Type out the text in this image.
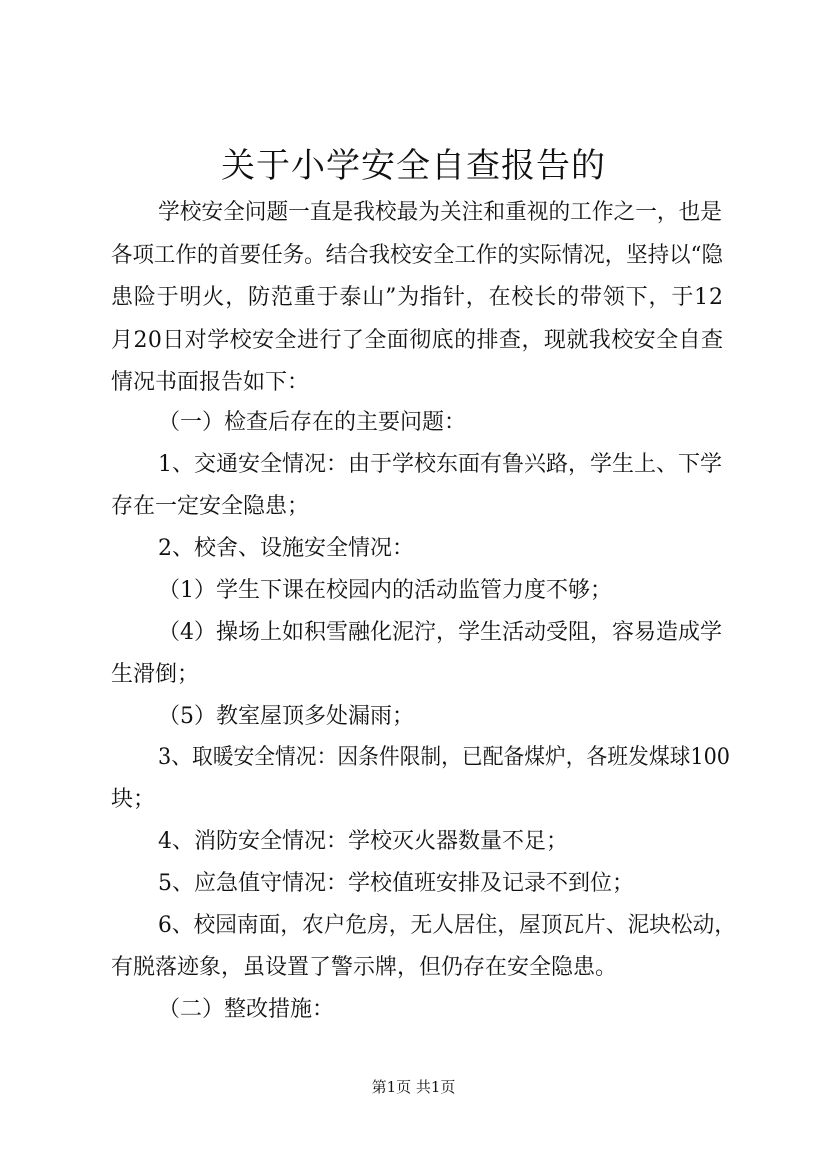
关于小学安全自查报告的
学校安全问题一直是我校最为关注和重视的工作之一，也是
各项工作的首要任务。结合我校安全工作的实际情况，坚持以“隐
患险于明火，防范重于泰山”为指针，在校长的带领下，于12
月20日对学校安全进行了全面彻底的排查，现就我校安全自查
情况书面报告如下：
（一）检查后存在的主要问题：
1、交通安全情况：由于学校东面有鲁兴路，学生上、下学
存在一定安全隐患；
2、校舍、设施安全情况：
（1）学生下课在校园内的活动监管力度不够；
（4）操场上如积雪融化泥泞，学生活动受阻，容易造成学
生滑倒；
（5）教室屋顶多处漏雨；
3、取暖安全情况：因条件限制，已配备煤炉，各班发煤球100
块；
4、消防安全情况：学校灭火器数量不足；
5、应急值守情况：学校值班安排及记录不到位；
6、校园南面，农户危房，无人居住，屋顶瓦片、泥块松动，
有脱落迹象，虽设置了警示牌，但仍存在安全隐患。
（二）整改措施：
第1页 共1页
